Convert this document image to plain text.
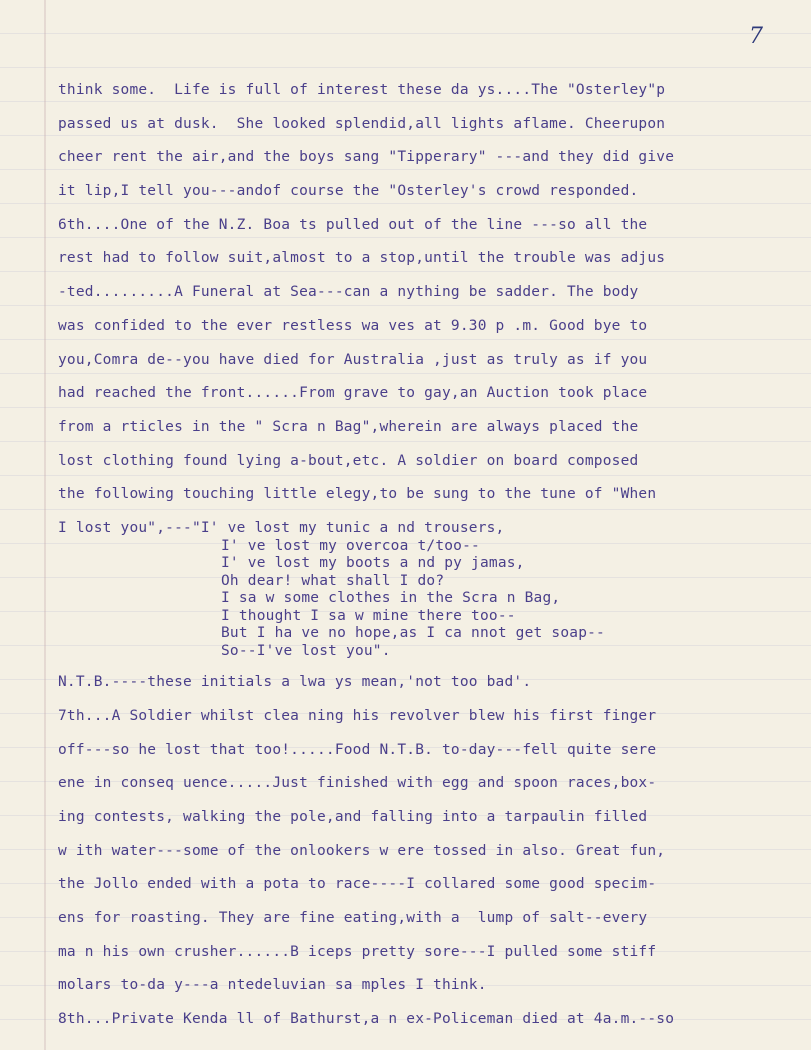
7
think some.  Life is full of interest these da ys....The "Osterley"p
passed us at dusk.  She looked splendid,all lights aflame. Cheerupon
cheer rent the air,and the boys sang "Tipperary" ---and they did give
it lip,I tell you---andof course the "Osterley's crowd responded.
6th....One of the N.Z. Boa ts pulled out of the line ---so all the
rest had to follow suit,almost to a stop,until the trouble was adjus
-ted.........A Funeral at Sea---can a nything be sadder. The body
was confided to the ever restless wa ves at 9.30 p .m. Good bye to
you,Comra de--you have died for Australia ,just as truly as if you
had reached the front......From grave to gay,an Auction took place
from a rticles in the " Scra n Bag",wherein are always placed the
lost clothing found lying a-bout,etc. A soldier on board composed
the following touching little elegy,to be sung to the tune of "When
I lost you",---"I' ve lost my tunic a nd trousers,
I' ve lost my overcoa t/too--
I' ve lost my boots a nd py jamas,
Oh dear! what shall I do?
I sa w some clothes in the Scra n Bag,
I thought I sa w mine there too--
But I ha ve no hope,as I ca nnot get soap--
So--I've lost you".
N.T.B.----these initials a lwa ys mean,'not too bad'.
7th...A Soldier whilst clea ning his revolver blew his first finger
off---so he lost that too!.....Food N.T.B. to-day---fell quite sere
ene in conseq uence.....Just finished with egg and spoon races,box-
ing contests, walking the pole,and falling into a tarpaulin filled
w ith water---some of the onlookers w ere tossed in also. Great fun,
the Jollo ended with a pota to race----I collared some good specim-
ens for roasting. They are fine eating,with a  lump of salt--every
ma n his own crusher......B iceps pretty sore---I pulled some stiff
molars to-da y---a ntedeluvian sa mples I think.
8th...Private Kenda ll of Bathurst,a n ex-Policeman died at 4a.m.--so
